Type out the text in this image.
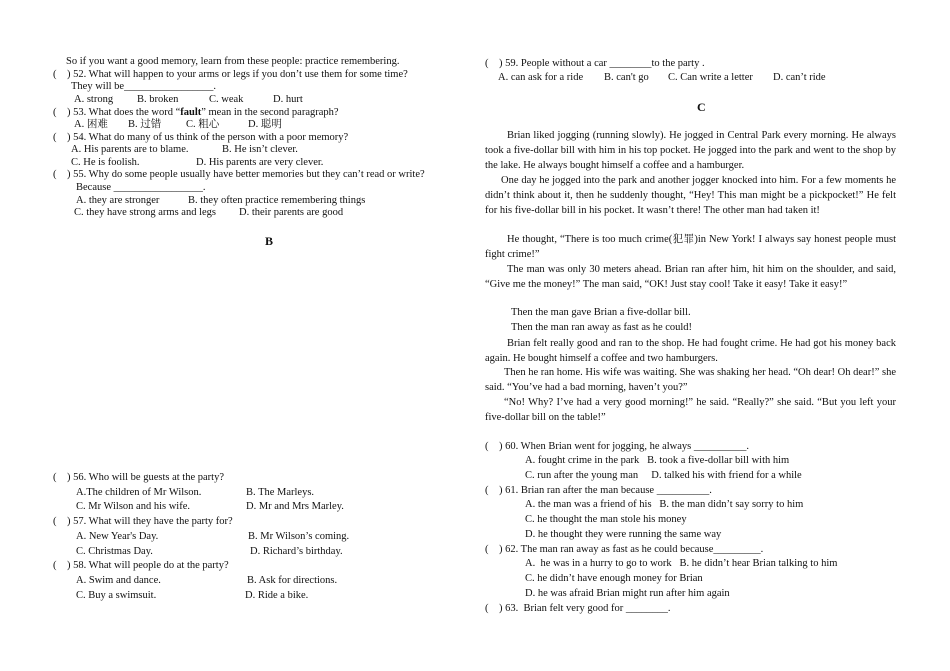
So if you want a good memory, learn from these people: practice remembering.
(    ) 52. What will happen to your arms or legs if you don’t use them for some time?
They will be_________________.
A. strong B. broken	C. weak	D. hurt
(    ) 53. What does the word “fault” mean in the second paragraph?
A. 困难 B. 过错 C. 粗心	D. 聪明
(    ) 54. What do many of us think of the person with a poor memory?
A. His parents are to blame.	B. He isn’t clever.
C. He is foolish.	D. His parents are very clever.
(    ) 55. Why do some people usually have better memories but they can’t read or write?
Because _________________.
A. they are stronger	B. they often practice remembering things
C. they have strong arms and legs D. their parents are good
B
(    ) 56. Who will be guests at the party?
A.The children of Mr Wilson.	B. The Marleys.
C. Mr Wilson and his wife.	D. Mr and Mrs Marley.
(    ) 57. What will they have the party for?
A. New Year's Day.	B. Mr Wilson’s coming.
C. Christmas Day.	D. Richard’s birthday.
(    ) 58. What will people do at the party?
A. Swim and dance.	B. Ask for directions.
C. Buy a swimsuit.	D. Ride a bike.
(    ) 59. People without a car ________to the party .
A. can ask for a ride B. can't go C. Can write a letter D. can’t ride
C
Brian liked jogging (running slowly). He jogged in Central Park every morning. He always took a five-dollar bill with him in his top pocket. He jogged into the park and went to the shop by the lake. He always bought himself a coffee and a hamburger.
One day he jogged into the park and another jogger knocked into him. For a few moments he didn’t think about it, then he suddenly thought, “Hey! This man might be a pickpocket!” He felt for his five-dollar bill in his pocket. It wasn’t there! The other man had taken it!
He thought, “There is too much crime(犯罪)in New York! I always say honest people must fight crime!”
The man was only 30 meters ahead. Brian ran after him, hit him on the shoulder, and said, “Give me the money!” The man said, “OK! Just stay cool! Take it easy! Take it easy!”
Then the man gave Brian a five-dollar bill.
Then the man ran away as fast as he could!
Brian felt really good and ran to the shop. He had fought crime. He had got his money back again. He bought himself a coffee and two hamburgers.
Then he ran home. His wife was waiting. She was shaking her head. “Oh dear! Oh dear!” she said. “You’ve had a bad morning, haven’t you?”
“No! Why? I’ve had a very good morning!” he said. “Really?” she said. “But you left your five-dollar bill on the table!”
(    ) 60. When Brian went for jogging, he always __________.
A. fought crime in the park   B. took a five-dollar bill with him
C. run after the young man     D. talked his with friend for a while
(    ) 61. Brian ran after the man because __________.
A. the man was a friend of his   B. the man didn’t say sorry to him
C. he thought the man stole his money
D. he thought they were running the same way
(    ) 62. The man ran away as fast as he could because_________.
A.  he was in a hurry to go to work   B. he didn’t hear Brian talking to him
C. he didn’t have enough money for Brian
D. he was afraid Brian might run after him again
(    ) 63.  Brian felt very good for ________.
